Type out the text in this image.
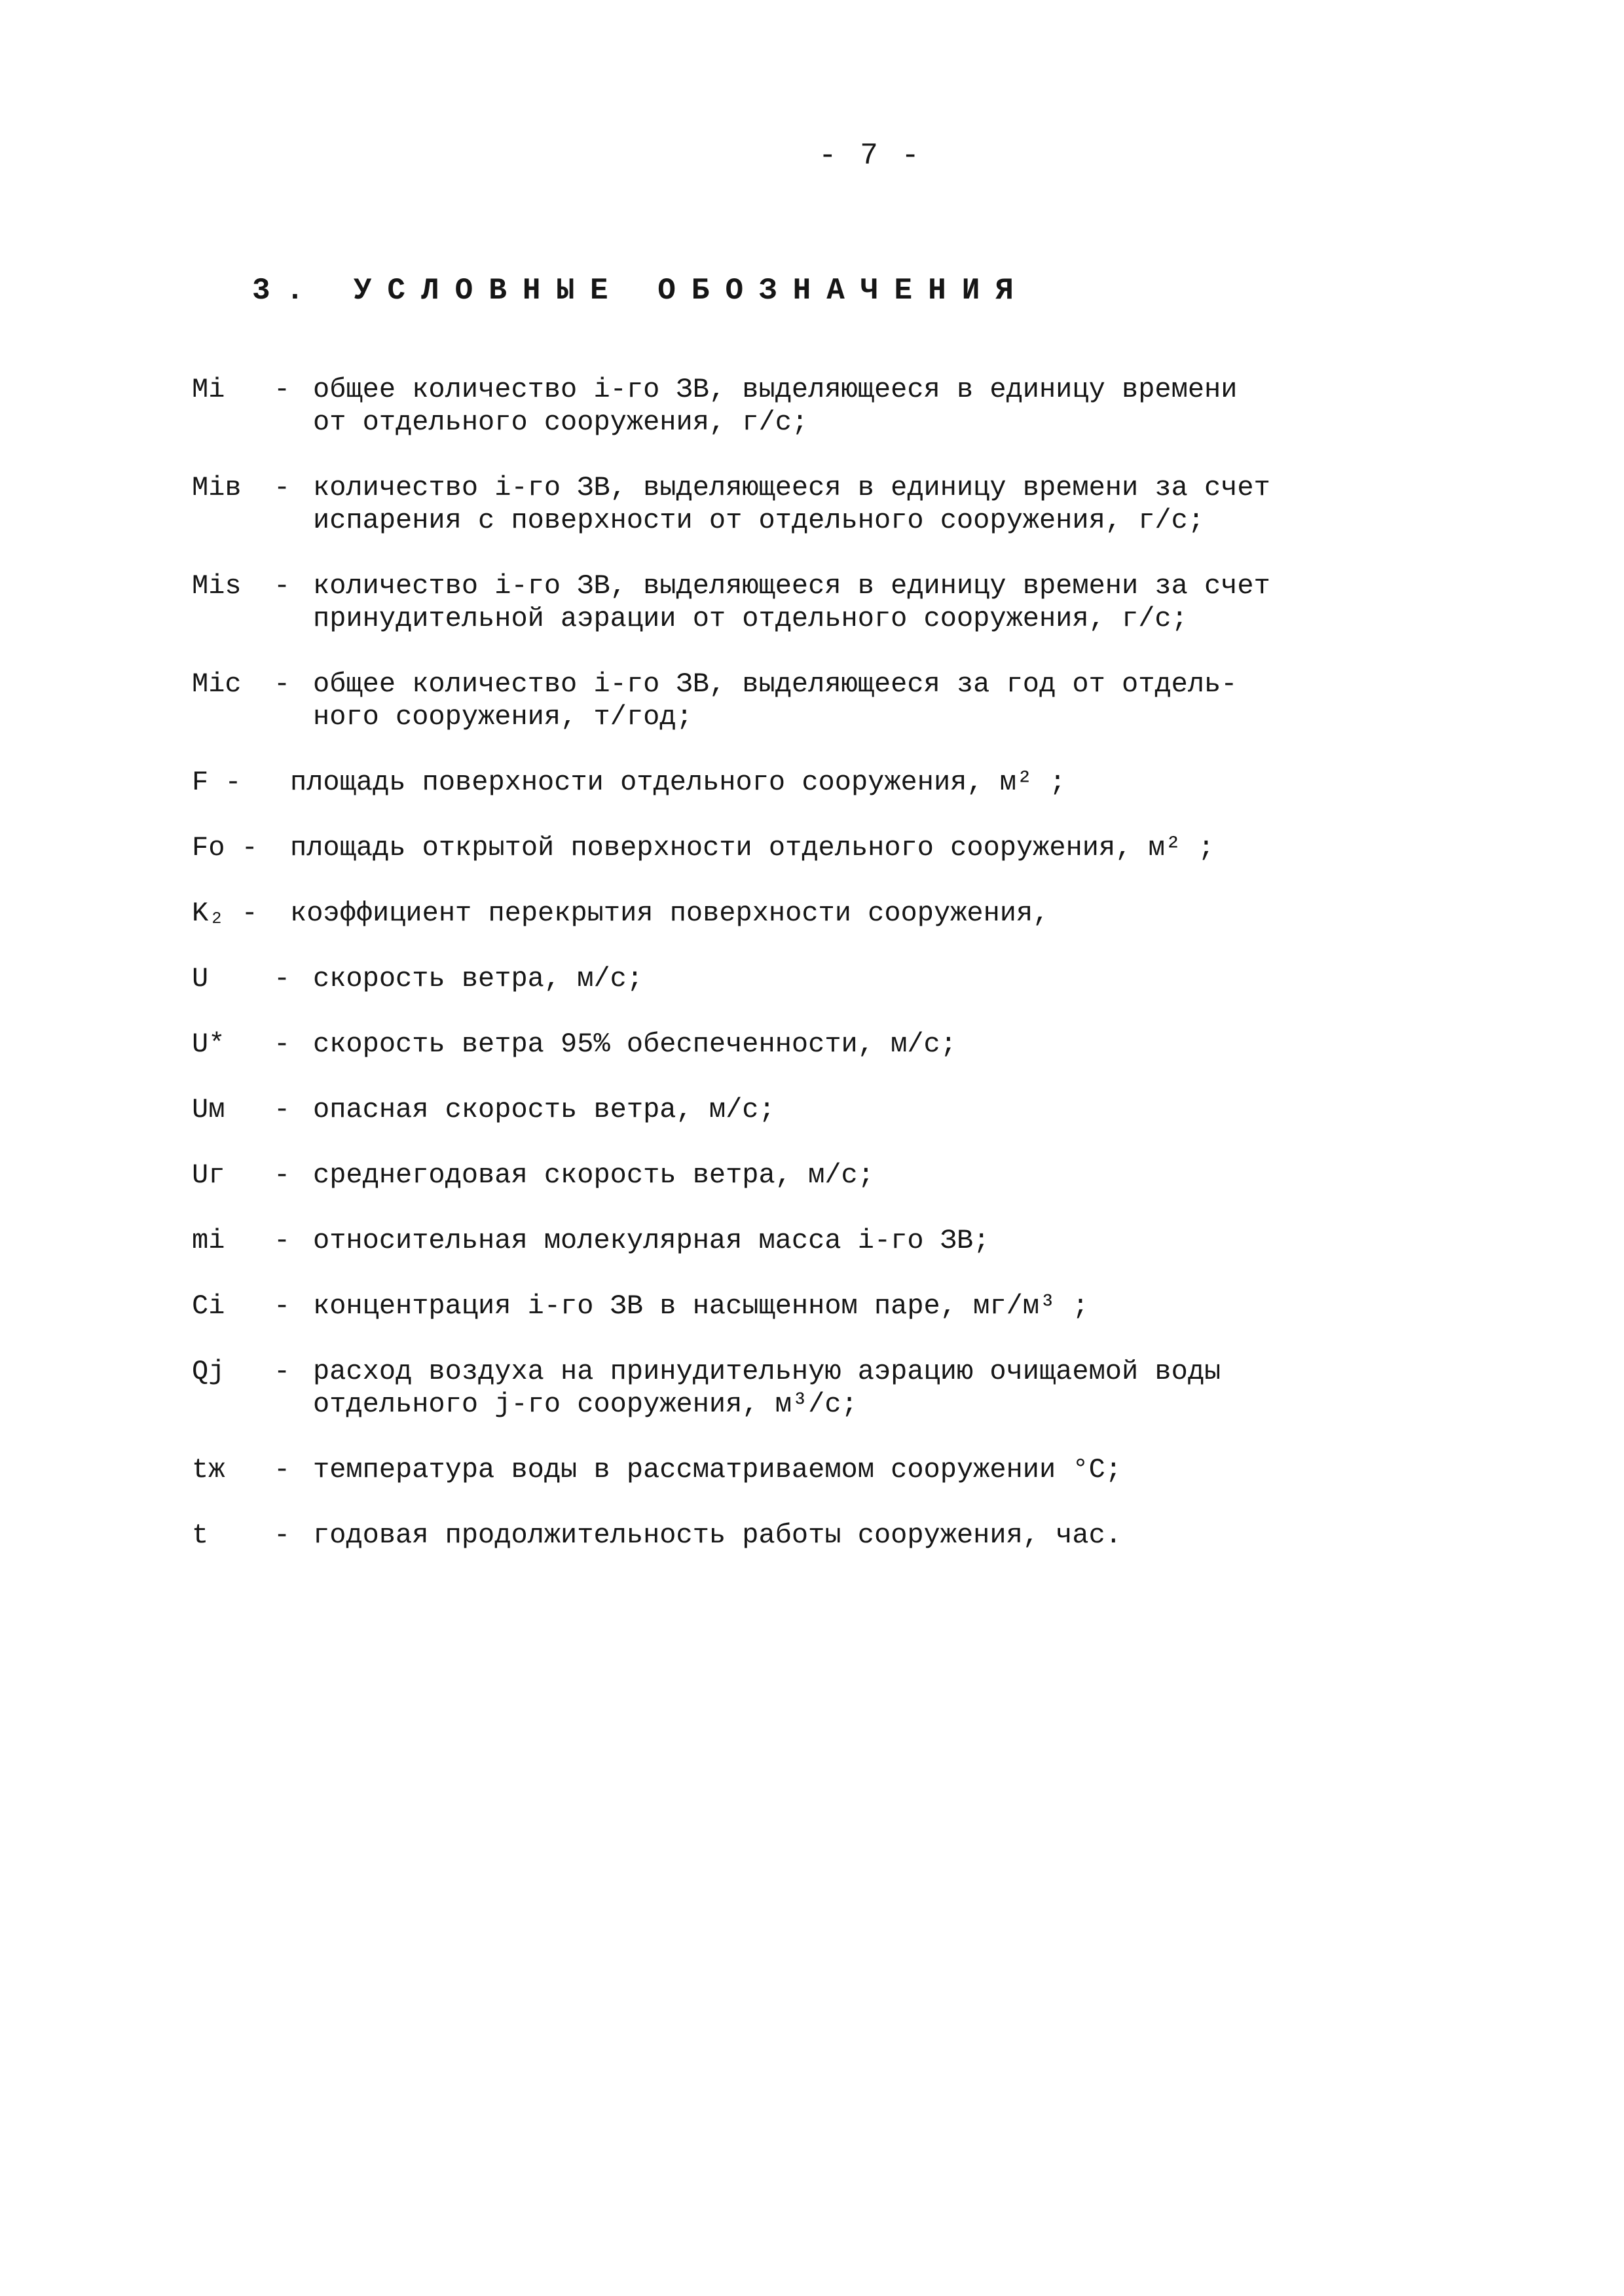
- 7 -
3. УСЛОВНЫЕ ОБОЗНАЧЕНИЯ
Mi - общее количество i-го ЗВ, выделяющееся в единицу времени
от отдельного сооружения, г/с;
Miв - количество i-го ЗВ, выделяющееся в единицу времени за счет
испарения с поверхности от отдельного сооружения, г/с;
Mis - количество i-го ЗВ, выделяющееся в единицу времени за счет
принудительной аэрации от отдельного сооружения, г/с;
Miс - общее количество i-го ЗВ, выделяющееся за год от отдель-
ного сооружения, т/год;
F - площадь поверхности отдельного сооружения, м² ;
Fo - площадь открытой поверхности отдельного сооружения, м² ;
K₂ - коэффициент перекрытия поверхности сооружения,
U - скорость ветра, м/с;
U* - скорость ветра 95% обеспеченности, м/с;
Uм - опасная скорость ветра, м/с;
Uг - среднегодовая скорость ветра, м/с;
mi - относительная молекулярная масса i-го ЗВ;
Ci - концентрация i-го ЗВ в насыщенном паре, мг/м³ ;
Qj - расход воздуха на принудительную аэрацию очищаемой воды
отдельного j-го сооружения, м³/с;
tж - температура воды в рассматриваемом сооружении °С;
t - годовая продолжительность работы сооружения, час.
